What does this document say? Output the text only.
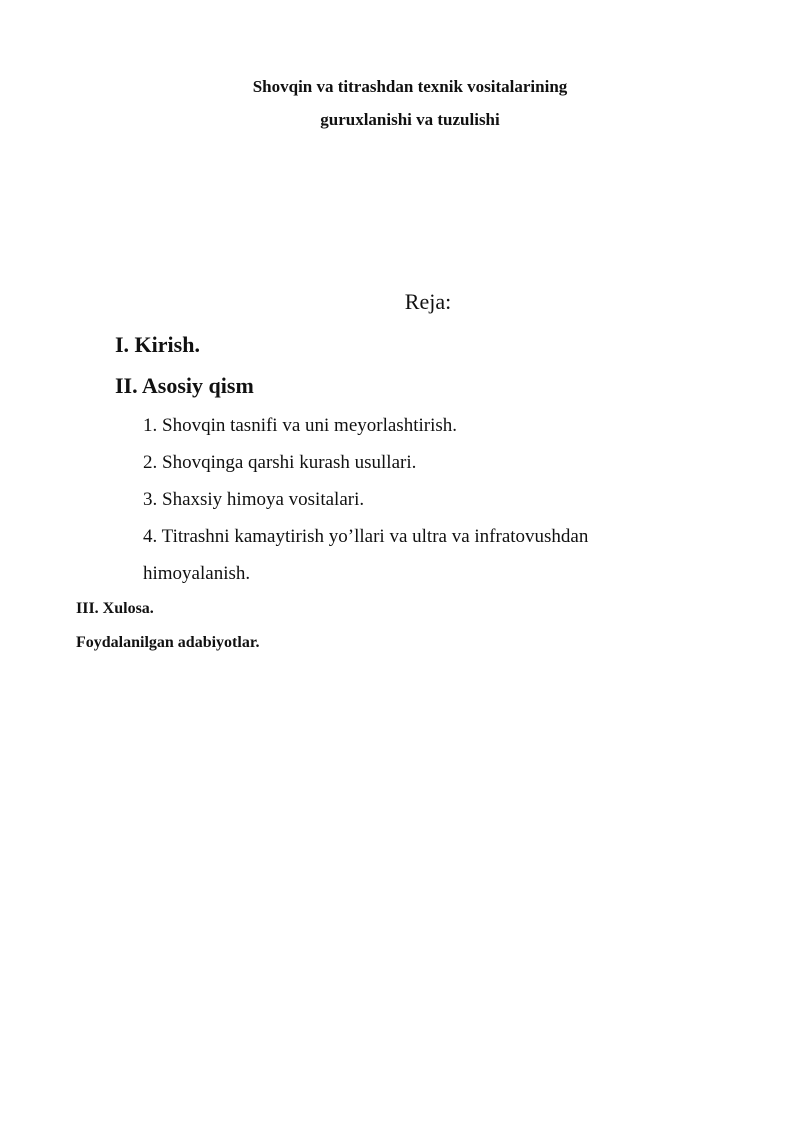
Shovqin va titrashdan texnik vositalarining

guruxlanishi va tuzulishi

Reja:

I. Kirish.

II. Asosiy qism

1. Shovqin tasnifi va uni meyorlashtirish.

2. Shovqinga qarshi kurash usullari.

3. Shaxsiy himoya vositalari.

4. Titrashni kamaytirish yo’llari va ultra va infratovushdan

himoyalanish.

III. Xulosa.

Foydalanilgan adabiyotlar.
